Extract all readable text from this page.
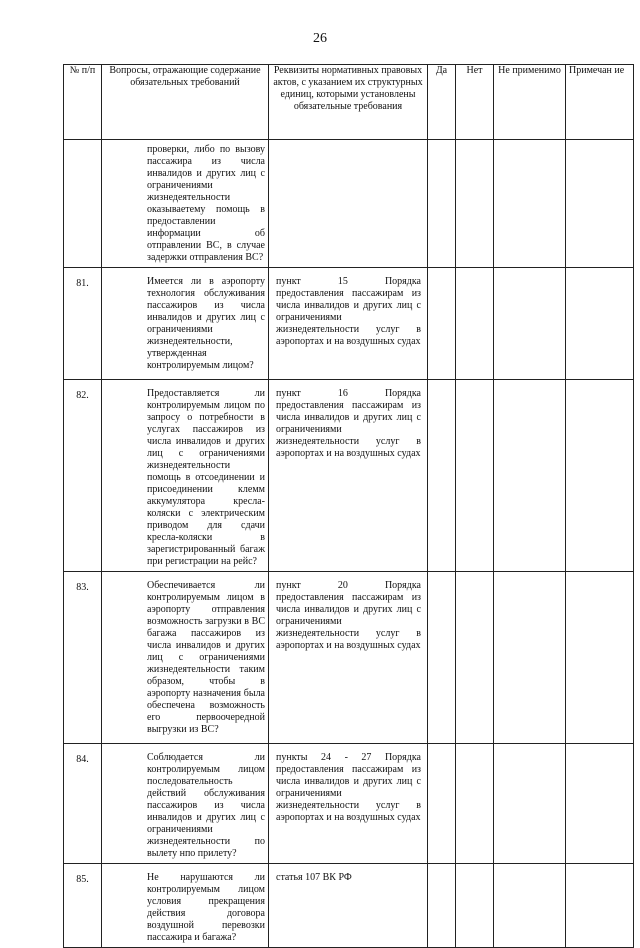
26
№ п/п	Вопросы, отражающие содержание обязательных требований	Реквизиты нормативных правовых актов, с указанием их структурных единиц, которыми установлены обязательные требования	Да	Нет	Не применимо	Примечан ие
	проверки, либо по вызову пассажира из числа инвалидов и других лиц с ограничениями жизнедеятельности оказываетему помощь в предоставлении информации об отправлении ВС, в случае задержки отправления ВС?					
81.	Имеется ли в аэропорту технология обслуживания пассажиров из числа инвалидов и других лиц с ограничениями жизнедеятельности, утвержденная контролируемым лицом?	пункт 15 Порядка предоставления пассажирам из числа инвалидов и других лиц с ограничениями жизнедеятельности услуг в аэропортах и на воздушных судах				
82.	Предоставляется ли контролируемым лицом по запросу о потребности в услугах пассажиров из числа инвалидов и других лиц с ограничениями жизнедеятельности помощь в отсоединении и присоединении клемм аккумулятора кресла-коляски с электрическим приводом для сдачи кресла-коляски в зарегистрированный багаж при регистрации на рейс?	пункт 16 Порядка предоставления пассажирам из числа инвалидов и других лиц с ограничениями жизнедеятельности услуг в аэропортах и на воздушных судах				
83.	Обеспечивается ли контролируемым лицом в аэропорту отправления возможность загрузки в ВС багажа пассажиров из числа инвалидов и других лиц с ограничениями жизнедеятельности таким образом, чтобы в аэропорту назначения была обеспечена возможность его первоочередной выгрузки из ВС?	пункт 20 Порядка предоставления пассажирам из числа инвалидов и других лиц с ограничениями жизнедеятельности услуг в аэропортах и на воздушных судах				
84.	Соблюдается ли контролируемым лицом последовательность действий обслуживания пассажиров из числа инвалидов и других лиц с ограничениями жизнедеятельности по вылету нпо прилету?	пункты 24 - 27 Порядка предоставления пассажирам из числа инвалидов и других лиц с ограничениями жизнедеятельности услуг в аэропортах и на воздушных судах				
85.	Не нарушаются ли контролируемым лицом условия прекращения действия договора воздушной перевозки пассажира и багажа?	статья 107 ВК РФ				
